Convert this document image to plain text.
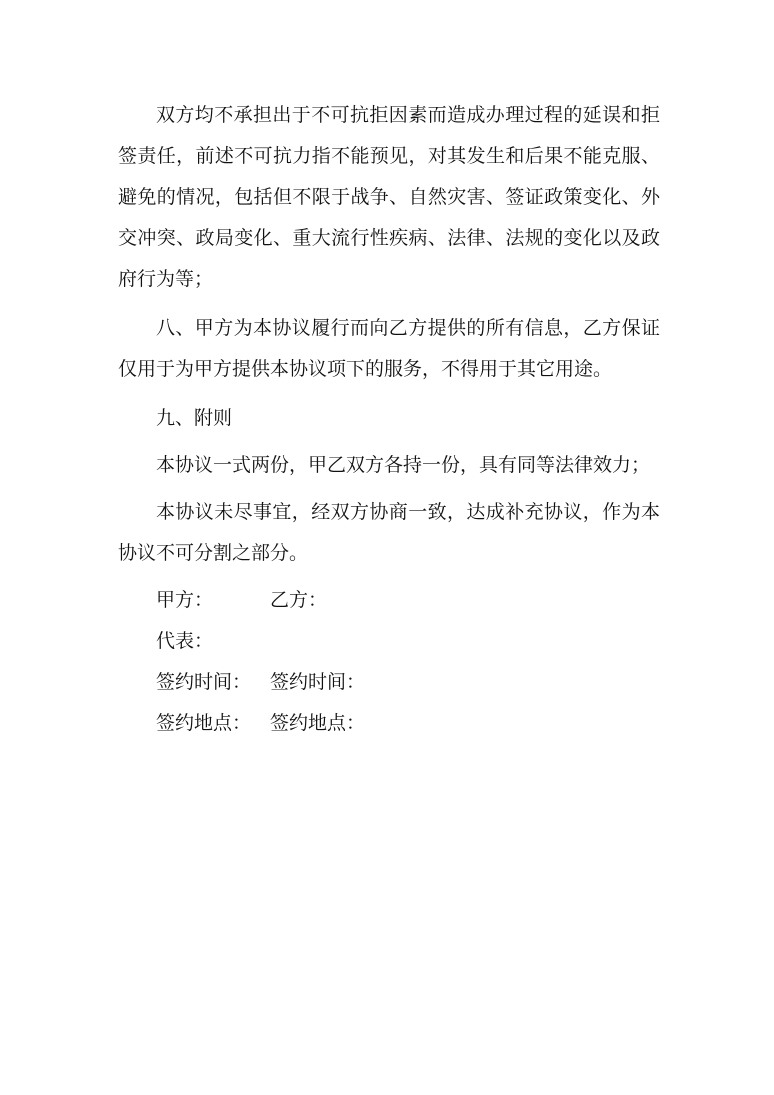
双方均不承担出于不可抗拒因素而造成办理过程的延误和拒签责任，前述不可抗力指不能预见，对其发生和后果不能克服、避免的情况，包括但不限于战争、自然灾害、签证政策变化、外交冲突、政局变化、重大流行性疾病、法律、法规的变化以及政府行为等；

八、甲方为本协议履行而向乙方提供的所有信息，乙方保证仅用于为甲方提供本协议项下的服务，不得用于其它用途。

九、附则

本协议一式两份，甲乙双方各持一份，具有同等法律效力；

本协议未尽事宜，经双方协商一致，达成补充协议，作为本协议不可分割之部分。

甲方：	乙方：
代表：
签约时间： 签约时间：
签约地点： 签约地点：
